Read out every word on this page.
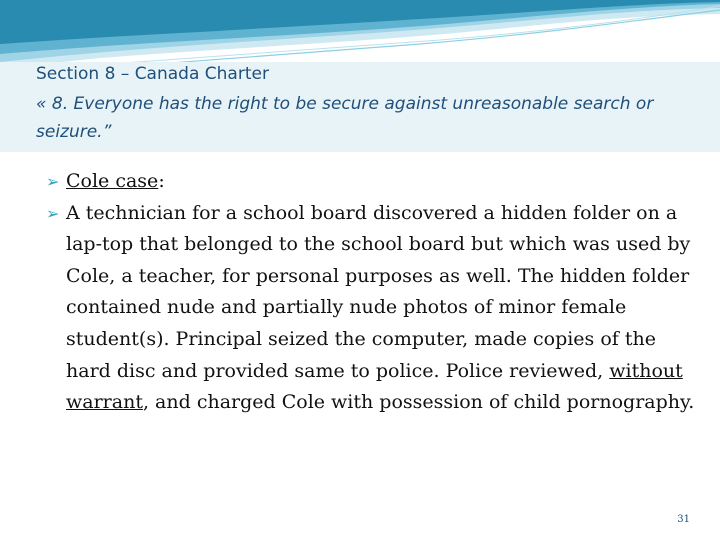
Section 8 – Canada Charter
« 8. Everyone has the right to be secure against unreasonable search or seizure.”
➢ Cole case:
➢ A technician for a school board discovered a hidden folder on a lap-top that belonged to the school board but which was used by Cole, a teacher, for personal purposes as well. The hidden folder contained nude and partially nude photos of minor female student(s). Principal seized the computer, made copies of the hard disc and provided same to police. Police reviewed, without warrant, and charged Cole with possession of child pornography.
31
